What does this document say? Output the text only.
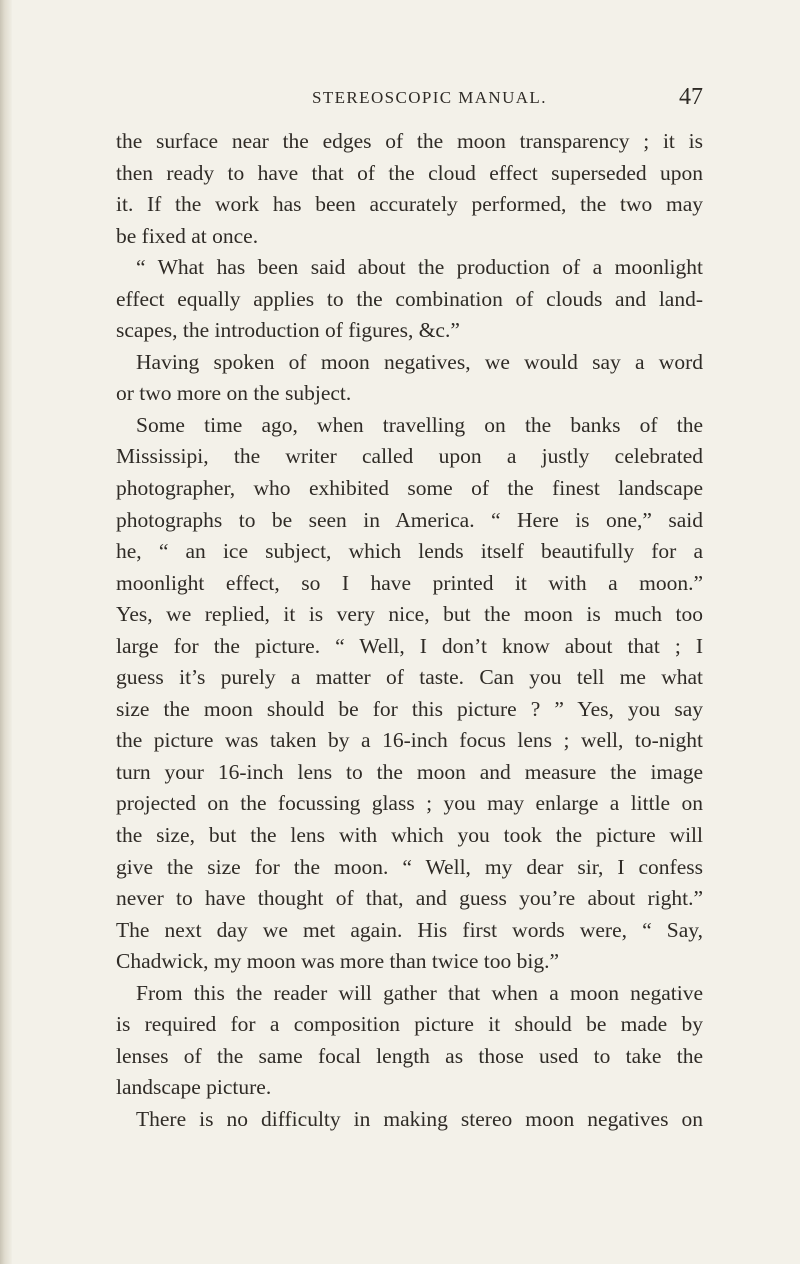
STEREOSCOPIC MANUAL.	47
the surface near the edges of the moon transparency ; it is
then ready to have that of the cloud effect superseded upon
it. If the work has been accurately performed, the two may
be fixed at once.
“ What has been said about the production of a moonlight
effect equally applies to the combination of clouds and land-
scapes, the introduction of figures, &c.”
Having spoken of moon negatives, we would say a word
or two more on the subject.
Some time ago, when travelling on the banks of the
Mississipi, the writer called upon a justly celebrated
photographer, who exhibited some of the finest landscape
photographs to be seen in America. “ Here is one,” said
he, “ an ice subject, which lends itself beautifully for a
moonlight effect, so I have printed it with a moon.”
Yes, we replied, it is very nice, but the moon is much too
large for the picture. “ Well, I don’t know about that ; I
guess it’s purely a matter of taste. Can you tell me what
size the moon should be for this picture ? ” Yes, you say
the picture was taken by a 16-inch focus lens ; well, to-night
turn your 16-inch lens to the moon and measure the image
projected on the focussing glass ; you may enlarge a little on
the size, but the lens with which you took the picture will
give the size for the moon. “ Well, my dear sir, I confess
never to have thought of that, and guess you’re about right.”
The next day we met again. His first words were, “ Say,
Chadwick, my moon was more than twice too big.”
From this the reader will gather that when a moon negative
is required for a composition picture it should be made by
lenses of the same focal length as those used to take the
landscape picture.
There is no difficulty in making stereo moon negatives on
